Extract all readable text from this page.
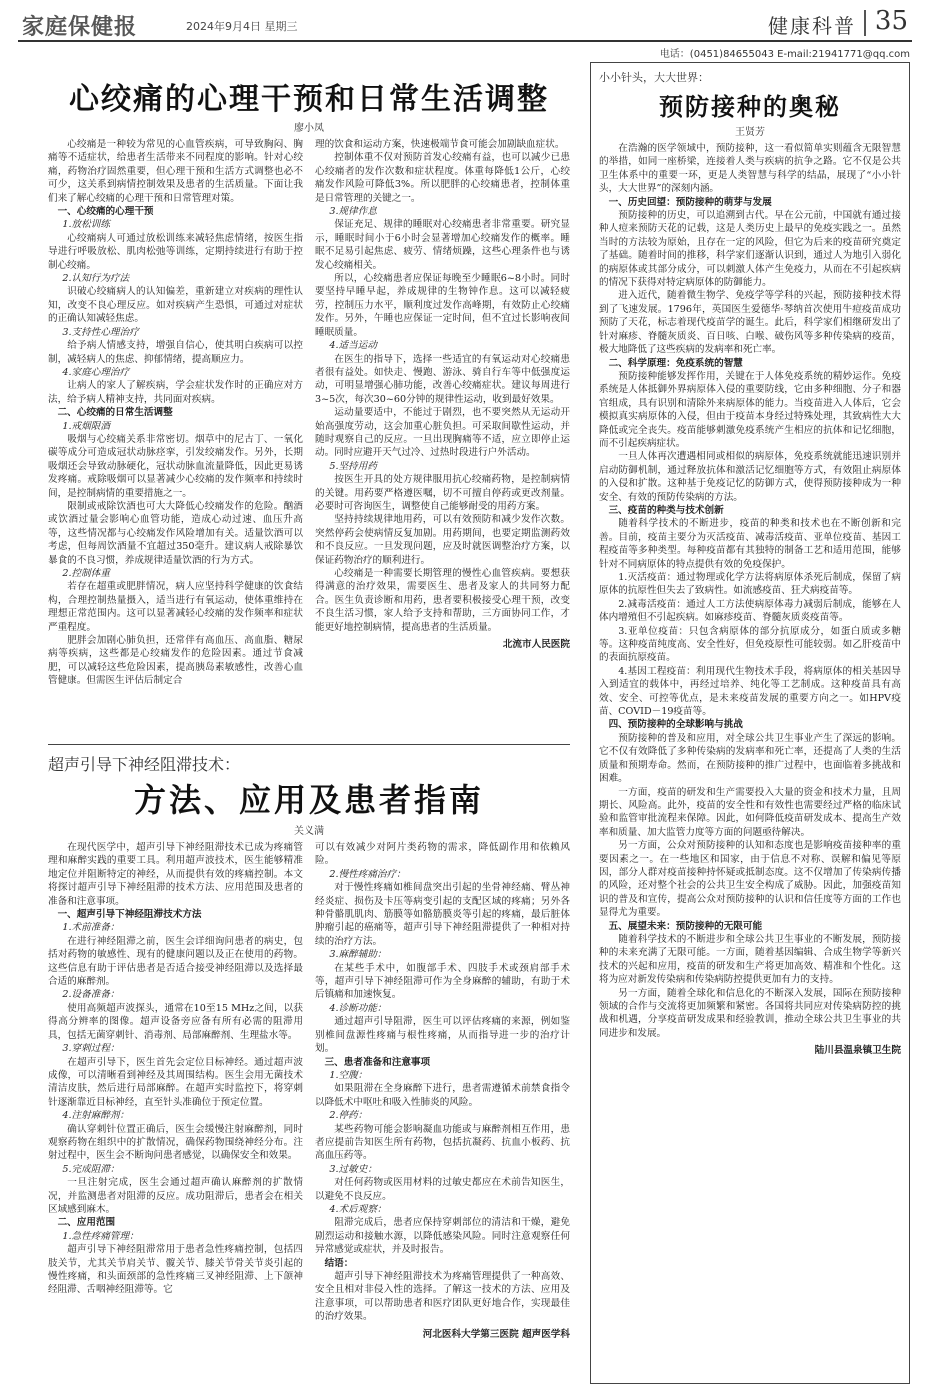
家庭保健报	2024年9月4日 星期三	健康科普 35
电话：(0451)84655043 E-mail:21941771@qq.com
心绞痛的心理干预和日常生活调整
廖小凤

心绞痛是一种较为常见的心血管疾病，可导致胸闷、胸痛等不适症状，给患者生活带来不同程度的影响。针对心绞痛，药物治疗固然重要，但心理干预和生活方式调整也必不可少，这关系到病情控制效果及患者的生活质量。下面让我们来了解心绞痛的心理干预和日常管理对策。

一、心绞痛的心理干预

1.放松训练

心绞痛病人可通过放松训练来减轻焦虑情绪，按医生指导进行呼吸放松、肌肉松弛等训练，定期持续进行有助于控制心绞痛。

2.认知行为疗法

识破心绞痛病人的认知偏差，重新建立对疾病的理性认知，改变不良心理反应。如对疾病产生恐惧，可通过对症状的正确认知减轻焦虑。

3.支持性心理治疗

给予病人情感支持，增强自信心，使其明白疾病可以控制，减轻病人的焦虑、抑郁情绪，提高顺应力。

4.家庭心理治疗

让病人的家人了解疾病，学会症状发作时的正确应对方法，给予病人精神支持，共同面对疾病。

二、心绞痛的日常生活调整

1.戒烟限酒

吸烟与心绞痛关系非常密切。烟草中的尼古丁、一氧化碳等成分可造成冠状动脉痉挛，引发绞痛发作。另外，长期吸烟还会导致动脉硬化，冠状动脉血流量降低，因此更易诱发疼痛。戒除吸烟可以显著减少心绞痛的发作频率和持续时间，是控制病情的重要措施之一。

限制或戒除饮酒也可大大降低心绞痛发作的危险。酗酒或饮酒过量会影响心血管功能，造成心动过速、血压升高等，这些情况都与心绞痛发作风险增加有关。适量饮酒可以考虑，但每周饮酒量不宜超过350毫升。建议病人戒除暴饮暴食的不良习惯，养成规律适量饮酒的行为方式。

2.控制体重

若存在超重或肥胖情况，病人应坚持科学健康的饮食结构，合理控制热量摄入，适当进行有氧运动，使体重维持在理想正常范围内。这可以显著减轻心绞痛的发作频率和症状严重程度。

肥胖会加剧心肺负担，还常伴有高血压、高血脂、糖尿病等疾病，这些都是心绞痛发作的危险因素。通过节食减肥，可以减轻这些危险因素，提高胰岛素敏感性，改善心血管健康。但需医生评估后制定合

理的饮食和运动方案，快速极端节食可能会加剧缺血症状。

控制体重不仅对预防首发心绞痛有益，也可以减少已患心绞痛者的发作次数和症状程度。体重每降低1公斤，心绞痛发作风险可降低3%。所以肥胖的心绞痛患者，控制体重是日常管理的关键之一。

3.规律作息

保证充足、规律的睡眠对心绞痛患者非常重要。研究显示，睡眠时间小于6小时会显著增加心绞痛发作的概率。睡眠不足易引起焦虑、疲劳、情绪烦躁，这些心理条件也与诱发心绞痛相关。

所以，心绞痛患者应保证每晚至少睡眠6~8小时。同时要坚持早睡早起，养成规律的生物钟作息。这可以减轻疲劳，控制压力水平，顺利度过发作高峰期，有效防止心绞痛发作。另外，午睡也应保证一定时间，但不宜过长影响夜间睡眠质量。

4.适当运动

在医生的指导下，选择一些适宜的有氧运动对心绞痛患者很有益处。如快走、慢跑、游泳、骑自行车等中低强度运动，可明显增强心肺功能，改善心绞痛症状。建议每周进行3~5次，每次30~60分钟的规律性运动，收到最好效果。

运动量要适中，不能过于剧烈，也不要突然从无运动开始高强度劳动，这会加重心脏负担。可采取间歇性运动，并随时观察自己的反应。一旦出现胸痛等不适，应立即停止运动。同时应避开天气过冷、过热时段进行户外活动。

5.坚持用药

按医生开具的处方规律服用抗心绞痛药物，是控制病情的关键。用药要严格遵医嘱，切不可擅自停药或更改剂量。必要时可咨询医生，调整使自己能够耐受的用药方案。

坚持持续规律地用药，可以有效预防和减少发作次数。突然停药会使病情反复加剧。用药期间，也要定期监测药效和不良反应。一旦发现问题，应及时就医调整治疗方案，以保证药物治疗的顺利进行。

心绞痛是一种需要长期管理的慢性心血管疾病。要想获得满意的治疗效果，需要医生、患者及家人的共同努力配合。医生负责诊断和用药，患者要积极接受心理干预，改变不良生活习惯，家人给予支持和帮助，三方面协同工作，才能更好地控制病情，提高患者的生活质量。

北流市人民医院

超声引导下神经阻滞技术：
方法、应用及患者指南
关义满

在现代医学中，超声引导下神经阻滞技术已成为疼痛管理和麻醉实践的重要工具。利用超声波技术，医生能够精准地定位并阻断特定的神经，从而提供有效的疼痛控制。本文将探讨超声引导下神经阻滞的技术方法、应用范围及患者的准备和注意事项。

一、超声引导下神经阻滞技术方法

1.术前准备：

在进行神经阻滞之前，医生会详细询问患者的病史，包括对药物的敏感性、现有的健康问题以及正在使用的药物。这些信息有助于评估患者是否适合接受神经阻滞以及选择最合适的麻醉剂。

2.设备准备：

使用高频超声波探头，通常在10至15 MHz之间，以获得高分辨率的图像。超声设备旁应备有所有必需的阻滞用具，包括无菌穿刺针、消毒剂、局部麻醉剂、生理盐水等。

3.穿刺过程：

在超声引导下，医生首先会定位目标神经。通过超声波成像，可以清晰看到神经及其周围结构。医生会用无菌技术清洁皮肤，然后进行局部麻醉。在超声实时监控下，将穿刺针逐渐靠近目标神经，直至针头准确位于预定位置。

4.注射麻醉剂：

确认穿刺针位置正确后，医生会缓慢注射麻醉剂，同时观察药物在组织中的扩散情况，确保药物围绕神经分布。注射过程中，医生会不断询问患者感觉，以确保安全和效果。

5.完成阻滞：

一旦注射完成，医生会通过超声确认麻醉剂的扩散情况，并监测患者对阻滞的反应。成功阻滞后，患者会在相关区域感到麻木。

二、应用范围

1.急性疼痛管理：

超声引导下神经阻滞常用于患者急性疼痛控制，包括四肢关节，尤其关节肩关节、髋关节、膝关节骨关节炎引起的慢性疼痛，和头面颈部的急性疼痛三叉神经阻滞、上下颌神经阻滞、舌咽神经阻滞等。它

可以有效减少对阿片类药物的需求，降低副作用和依赖风险。

2.慢性疼痛治疗：

对于慢性疼痛如椎间盘突出引起的坐骨神经痛、臂丛神经炎症、损伤及卡压等病变引起的支配区域的疼痛；另外各种骨骼肌肌肉、筋膜等如骼筋膜炎等引起的疼痛，最后脏体肿瘤引起的癌痛等，超声引导下神经阻滞提供了一种相对持续的治疗方法。

3.麻醉辅助：

在某些手术中，如腹部手术、四肢手术或颈肩部手术等，超声引导下神经阻滞可作为全身麻醉的辅助，有助于术后镇痛和加速恢复。

4.诊断功能：

通过超声引导阻滞，医生可以评估疼痛的来源，例如鉴别椎间盘源性疼痛与根性疼痛，从而指导进一步的治疗计划。

三、患者准备和注意事项

1.空腹：

如果阻滞在全身麻醉下进行，患者需遵循术前禁食指令以降低术中呕吐和吸入性肺炎的风险。

2.停药：

某些药物可能会影响凝血功能或与麻醉剂相互作用，患者应提前告知医生所有药物，包括抗凝药、抗血小板药、抗高血压药等。

3.过敏史：

对任何药物或医用材料的过敏史都应在术前告知医生，以避免不良反应。

4.术后观察：

阻滞完成后，患者应保持穿刺部位的清洁和干燥，避免剧烈运动和接触水源，以降低感染风险。同时注意观察任何异常感觉或症状，并及时报告。

结语：

超声引导下神经阻滞技术为疼痛管理提供了一种高效、安全且相对非侵入性的选择。了解这一技术的方法、应用及注意事项，可以帮助患者和医疗团队更好地合作，实现最佳的治疗效果。

河北医科大学第三医院 超声医学科

小小针头，大大世界：
预防接种的奥秘
王贤芳

在浩瀚的医学领域中，预防接种，这一看似简单实则蕴含无限智慧的举措，如同一座桥梁，连接着人类与疾病的抗争之路。它不仅是公共卫生体系中的重要一环，更是人类智慧与科学的结晶，展现了“小小针头，大大世界”的深刻内涵。

一、历史回望：预防接种的萌芽与发展

预防接种的历史，可以追溯到古代。早在公元前，中国就有通过接种人痘来预防天花的记载，这是人类历史上最早的免疫实践之一。虽然当时的方法较为原始，且存在一定的风险，但它为后来的疫苗研究奠定了基础。随着时间的推移，科学家们逐渐认识到，通过人为地引入弱化的病原体或其部分成分，可以刺激人体产生免疫力，从而在不引起疾病的情况下获得对特定病原体的防御能力。

进入近代，随着微生物学、免疫学等学科的兴起，预防接种技术得到了飞速发展。1796年，英国医生爱德华·琴纳首次使用牛痘疫苗成功预防了天花，标志着现代疫苗学的诞生。此后，科学家们相继研发出了针对麻疹、脊髓灰质炎、百日咳、白喉、破伤风等多种传染病的疫苗，极大地降低了这些疾病的发病率和死亡率。

二、科学原理：免疫系统的智慧

预防接种能够发挥作用，关键在于人体免疫系统的精妙运作。免疫系统是人体抵御外界病原体入侵的重要防线，它由多种细胞、分子和器官组成，具有识别和清除外来病原体的能力。当疫苗进入人体后，它会模拟真实病原体的入侵，但由于疫苗本身经过特殊处理，其致病性大大降低或完全丧失。疫苗能够刺激免疫系统产生相应的抗体和记忆细胞，而不引起疾病症状。

一旦人体再次遭遇相同或相似的病原体，免疫系统就能迅速识别并启动防御机制，通过释放抗体和激活记忆细胞等方式，有效阻止病原体的入侵和扩散。这种基于免疫记忆的防御方式，使得预防接种成为一种安全、有效的预防传染病的方法。

三、疫苗的种类与技术创新

随着科学技术的不断进步，疫苗的种类和技术也在不断创新和完善。目前，疫苗主要分为灭活疫苗、减毒活疫苗、亚单位疫苗、基因工程疫苗等多种类型。每种疫苗都有其独特的制备工艺和适用范围，能够针对不同病原体的特点提供有效的免疫保护。

1.灭活疫苗：通过物理或化学方法将病原体杀死后制成，保留了病原体的抗原性但失去了致病性。如流感疫苗、狂犬病疫苗等。

2.减毒活疫苗：通过人工方法使病原体毒力减弱后制成，能够在人体内增殖但不引起疾病。如麻疹疫苗、脊髓灰质炎疫苗等。

3.亚单位疫苗：只包含病原体的部分抗原成分，如蛋白质或多糖等。这种疫苗纯度高、安全性好，但免疫原性可能较弱。如乙肝疫苗中的表面抗原疫苗。

4.基因工程疫苗：利用现代生物技术手段，将病原体的相关基因导入到适宜的载体中，再经过培养、纯化等工艺制成。这种疫苗具有高效、安全、可控等优点，是未来疫苗发展的重要方向之一。如HPV疫苗、COVID－19疫苗等。

四、预防接种的全球影响与挑战

预防接种的普及和应用，对全球公共卫生事业产生了深远的影响。它不仅有效降低了多种传染病的发病率和死亡率，还提高了人类的生活质量和预期寿命。然而，在预防接种的推广过程中，也面临着多挑战和困难。

一方面，疫苗的研发和生产需要投入大量的资金和技术力量，且周期长、风险高。此外，疫苗的安全性和有效性也需要经过严格的临床试验和监管审批流程来保障。因此，如何降低疫苗研发成本、提高生产效率和质量、加大监管力度等方面的问题亟待解决。

另一方面，公众对预防接种的认知和态度也是影响疫苗接种率的重要因素之一。在一些地区和国家，由于信息不对称、误解和偏见等原因，部分人群对疫苗接种持怀疑或抵制态度。这不仅增加了传染病传播的风险，还对整个社会的公共卫生安全构成了威胁。因此，加强疫苗知识的普及和宣传，提高公众对预防接种的认识和信任度等方面的工作也显得尤为重要。

五、展望未来：预防接种的无限可能

随着科学技术的不断进步和全球公共卫生事业的不断发展，预防接种的未来充满了无限可能。一方面，随着基因编辑、合成生物学等新兴技术的兴起和应用，疫苗的研发和生产将更加高效、精准和个性化。这将为应对新发传染病和传染病防控提供更加有力的支持。

另一方面，随着全球化和信息化的不断深入发展，国际在预防接种领域的合作与交流将更加频繁和紧密。各国将共同应对传染病防控的挑战和机遇，分享疫苗研发成果和经验教训，推动全球公共卫生事业的共同进步和发展。

陆川县温泉镇卫生院
